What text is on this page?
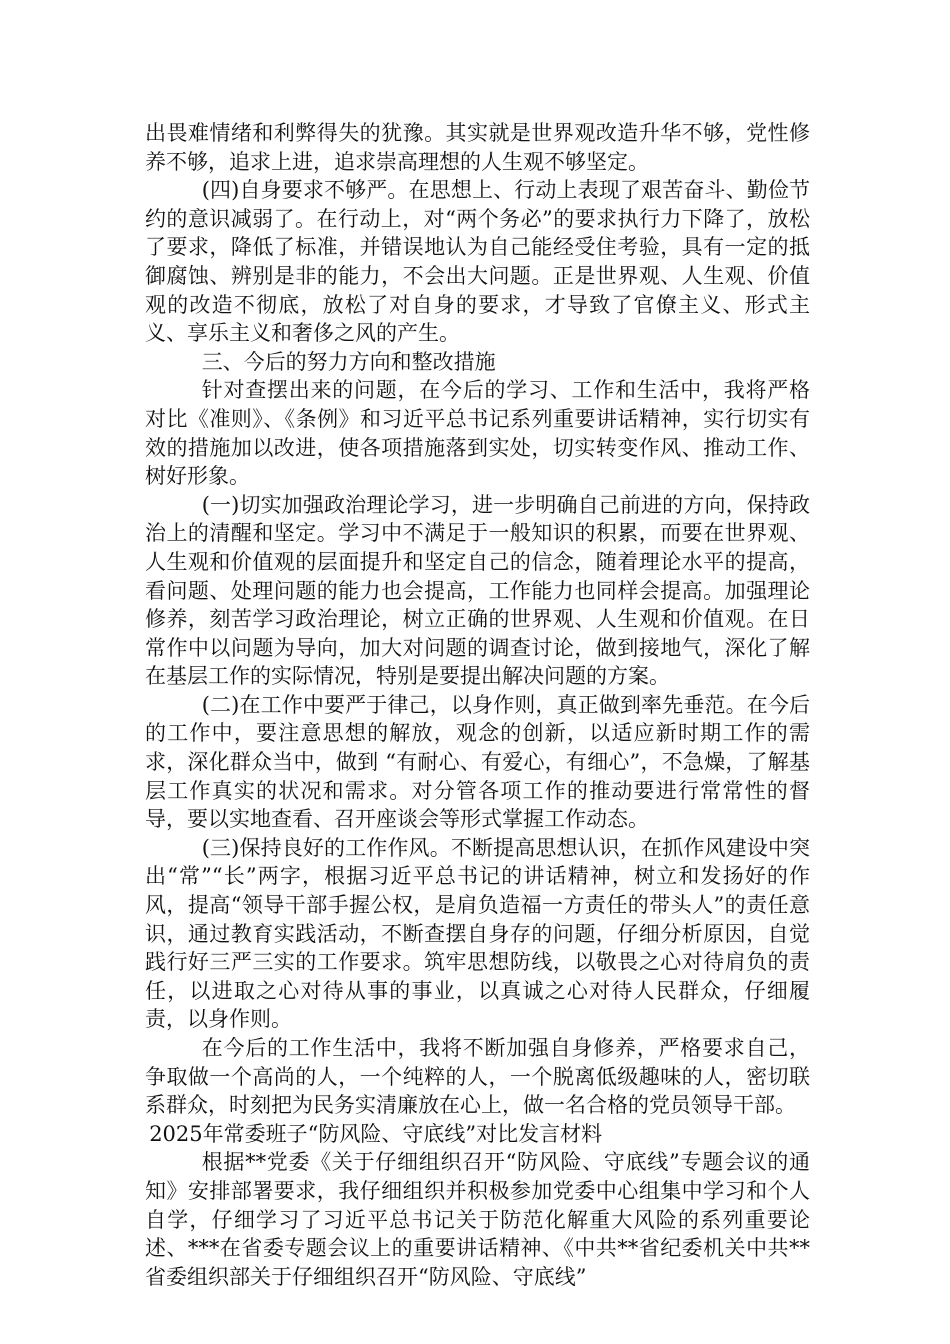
出畏难情绪和利弊得失的犹豫。其实就是世界观改造升华不够，党性修养不够，追求上进，追求崇高理想的人生观不够坚定。

(四)自身要求不够严。在思想上、行动上表现了艰苦奋斗、勤俭节约的意识减弱了。在行动上，对“两个务必”的要求执行力下降了，放松了要求，降低了标准，并错误地认为自己能经受住考验，具有一定的抵御腐蚀、辨别是非的能力，不会出大问题。正是世界观、人生观、价值观的改造不彻底，放松了对自身的要求，才导致了官僚主义、形式主义、享乐主义和奢侈之风的产生。

三、今后的努力方向和整改措施

针对查摆出来的问题，在今后的学习、工作和生活中，我将严格对比《准则》、《条例》和习近平总书记系列重要讲话精神，实行切实有效的措施加以改进，使各项措施落到实处，切实转变作风、推动工作、树好形象。

(一)切实加强政治理论学习，进一步明确自己前进的方向，保持政治上的清醒和坚定。学习中不满足于一般知识的积累，而要在世界观、人生观和价值观的层面提升和坚定自己的信念，随着理论水平的提高，看问题、处理问题的能力也会提高，工作能力也同样会提高。加强理论修养，刻苦学习政治理论，树立正确的世界观、人生观和价值观。在日常作中以问题为导向，加大对问题的调查讨论，做到接地气，深化了解在基层工作的实际情况，特别是要提出解决问题的方案。

(二)在工作中要严于律己，以身作则，真正做到率先垂范。在今后的工作中，要注意思想的解放，观念的创新，以适应新时期工作的需求，深化群众当中，做到 “有耐心、有爱心，有细心”，不急燥，了解基层工作真实的状况和需求。对分管各项工作的推动要进行常常性的督导，要以实地查看、召开座谈会等形式掌握工作动态。

(三)保持良好的工作作风。不断提高思想认识，在抓作风建设中突出“常”“长”两字，根据习近平总书记的讲话精神，树立和发扬好的作风，提高“领导干部手握公权，是肩负造福一方责任的带头人”的责任意识，通过教育实践活动，不断查摆自身存的问题，仔细分析原因，自觉践行好三严三实的工作要求。筑牢思想防线，以敬畏之心对待肩负的责任，以进取之心对待从事的事业，以真诚之心对待人民群众，仔细履责，以身作则。

在今后的工作生活中，我将不断加强自身修养，严格要求自己，争取做一个高尚的人，一个纯粹的人，一个脱离低级趣味的人，密切联系群众，时刻把为民务实清廉放在心上，做一名合格的党员领导干部。

2025年常委班子“防风险、守底线”对比发言材料

根据**党委《关于仔细组织召开“防风险、守底线”专题会议的通知》安排部署要求，我仔细组织并积极参加党委中心组集中学习和个人自学，仔细学习了习近平总书记关于防范化解重大风险的系列重要论述、***在省委专题会议上的重要讲话精神、《中共**省纪委机关中共**省委组织部关于仔细组织召开“防风险、守底线”
